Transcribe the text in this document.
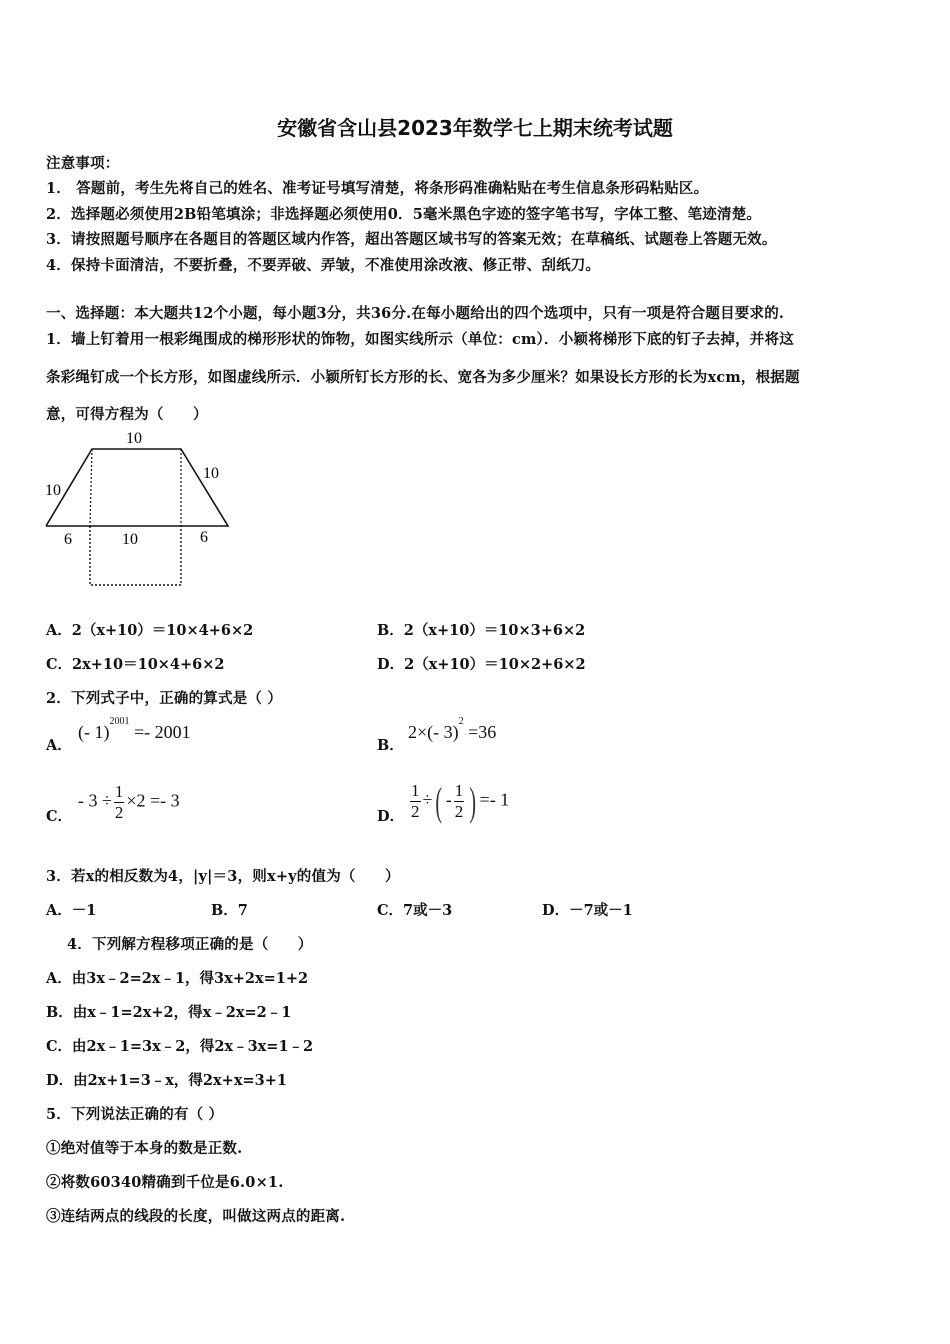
安徽省含山县2023年数学七上期末统考试题
注意事项：
1． 答题前，考生先将自己的姓名、准考证号填写清楚，将条形码准确粘贴在考生信息条形码粘贴区。
2．选择题必须使用2B铅笔填涂；非选择题必须使用0．5毫米黑色字迹的签字笔书写，字体工整、笔迹清楚。
3．请按照题号顺序在各题目的答题区域内作答，超出答题区域书写的答案无效；在草稿纸、试题卷上答题无效。
4．保持卡面清洁，不要折叠，不要弄破、弄皱，不准使用涂改液、修正带、刮纸刀。
一、选择题：本大题共12个小题，每小题3分，共36分.在每小题给出的四个选项中，只有一项是符合题目要求的.
1．墙上钉着用一根彩绳围成的梯形形状的饰物，如图实线所示（单位：cm）．小颖将梯形下底的钉子去掉，并将这
条彩绳钉成一个长方形，如图虚线所示．小颖所钉长方形的长、宽各为多少厘米？如果设长方形的长为xcm，根据题
意，可得方程为（　　）
10
10
10
6	10	6
A．2（x+10）＝10×4+6×2	B．2（x+10）＝10×3+6×2
C．2x+10＝10×4+6×2	D．2（x+10）＝10×2+6×2
2．下列式子中，正确的算式是（ ）
A．
(- 1)$^{2001}$ =- 2001
B．
2×(- 3)$^2$ =36
C．
- $3 \div \frac{1}{2} \times 2 =- 3$
D． $\frac{1}{2}$ ÷( - $\frac{1}{2}$ ) =- 1
3．若x的相反数为4，|y|＝3，则x+y的值为（　　）
A．－1	B．7	C．7或－3	D．－7或－1
4．下列解方程移项正确的是（　　）
A．由3x﹣2=2x﹣1，得3x+2x=1+2
B．由x﹣1=2x+2，得x﹣2x=2﹣1
C．由2x﹣1=3x﹣2，得2x﹣3x=1﹣2
D．由2x+1=3﹣x，得2x+x=3+1
5．下列说法正确的有（ ）
①绝对值等于本身的数是正数.
②将数60340精确到千位是6.0×1.
③连结两点的线段的长度，叫做这两点的距离.
